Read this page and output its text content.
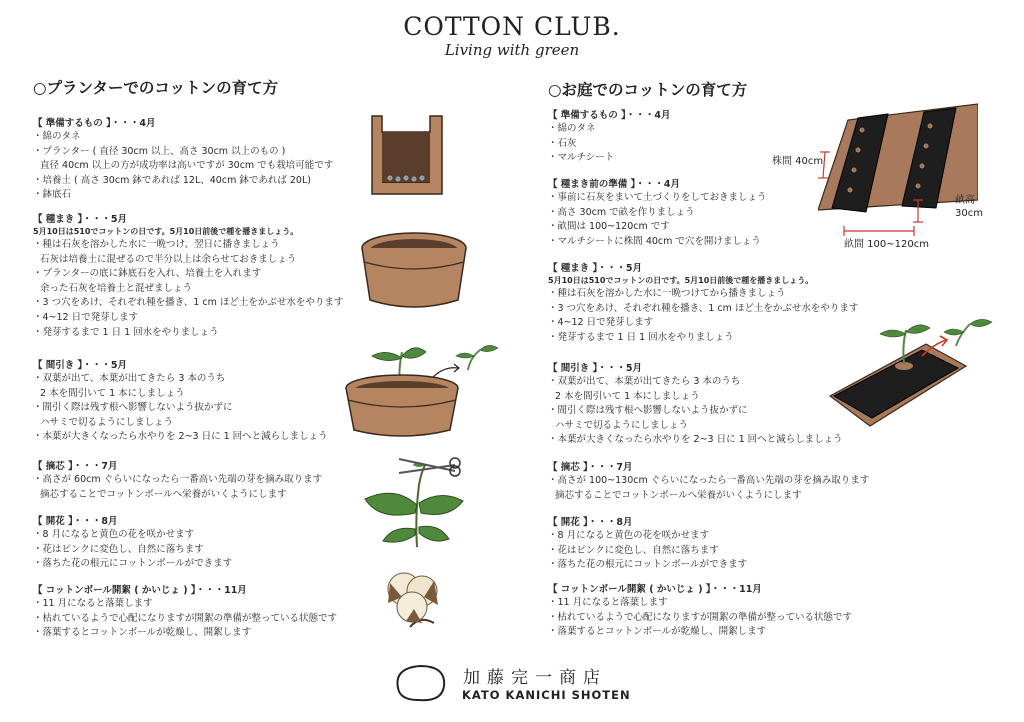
COTTON CLUB.
Living with green
○プランターでのコットンの育て方
【 準備するもの 】・・・4月
・綿のタネ
・プランター ( 直径 30cm 以上、高さ 30cm 以上のもの )
直径 40cm 以上の方が成功率は高いですが 30cm でも栽培可能です
・培養土 ( 高さ 30cm 鉢であれば 12L、40cm 鉢であれば 20L)
・鉢底石
【 種まき 】・・・5月
5月10日は510でコットンの日です。5月10日前後で種を播きましょう。
・種は石灰を溶かした水に一晩つけ、翌日に播きましょう
石灰は培養土に混ぜるので半分以上は余らせておきましょう
・プランターの底に鉢底石を入れ、培養土を入れます
余った石灰を培養土と混ぜましょう
・3 つ穴をあけ、それぞれ種を播き、1 cm ほど土をかぶせ水をやります
・4~12 日で発芽します
・発芽するまで 1 日 1 回水をやりましょう
【 間引き 】・・・5月
・双葉が出て、本葉が出てきたら 3 本のうち
2 本を間引いて 1 本にしましょう
・間引く際は残す根へ影響しないよう抜かずに
ハサミで切るようにしましょう
・本葉が大きくなったら水やりを 2~3 日に 1 回へと減らしましょう
【 摘芯 】・・・7月
・高さが 60cm ぐらいになったら一番高い先端の芽を摘み取ります
摘芯することでコットンボールへ栄養がいくようにします
【 開花 】・・・8月
・8 月になると黄色の花を咲かせます
・花はピンクに変色し、自然に落ちます
・落ちた花の根元にコットンボールができます
【 コットンボール開絮 ( かいじょ ) 】・・・11月
・11 月になると落葉します
・枯れているようで心配になりますが開絮の準備が整っている状態です
・落葉するとコットンボールが乾燥し、開絮します
○お庭でのコットンの育て方
【 準備するもの 】・・・4月
・綿のタネ
・石灰
・マルチシート
【 種まき前の準備 】・・・4月
・事前に石灰をまいて土づくりをしておきましょう
・高さ 30cm で畝を作りましょう
・畝間は 100~120cm です
・マルチシートに株間 40cm で穴を開けましょう
【 種まき 】・・・5月
5月10日は510でコットンの日です。5月10日前後で種を播きましょう。
・種は石灰を溶かした水に一晩つけてから播きましょう
・3 つ穴をあけ、それぞれ種を播き、1 cm ほど土をかぶせ水をやります
・4~12 日で発芽します
・発芽するまで 1 日 1 回水をやりましょう
【 間引き 】・・・5月
・双葉が出て、本葉が出てきたら 3 本のうち
2 本を間引いて 1 本にしましょう
・間引く際は残す根へ影響しないよう抜かずに
ハサミで切るようにしましょう
・本葉が大きくなったら水やりを 2~3 日に 1 回へと減らしましょう
【 摘芯 】・・・7月
・高さが 100~130cm ぐらいになったら一番高い先端の芽を摘み取ります
摘芯することでコットンボールへ栄養がいくようにします
【 開花 】・・・8月
・8 月になると黄色の花を咲かせます
・花はピンクに変色し、自然に落ちます
・落ちた花の根元にコットンボールができます
【 コットンボール開絮 ( かいじょ ) 】・・・11月
・11 月になると落葉します
・枯れているようで心配になりますが開絮の準備が整っている状態です
・落葉するとコットンボールが乾燥し、開絮します
株間 40cm
畝高
30cm
畝間 100~120cm
加藤完一商店
KATO KANICHI SHOTEN
